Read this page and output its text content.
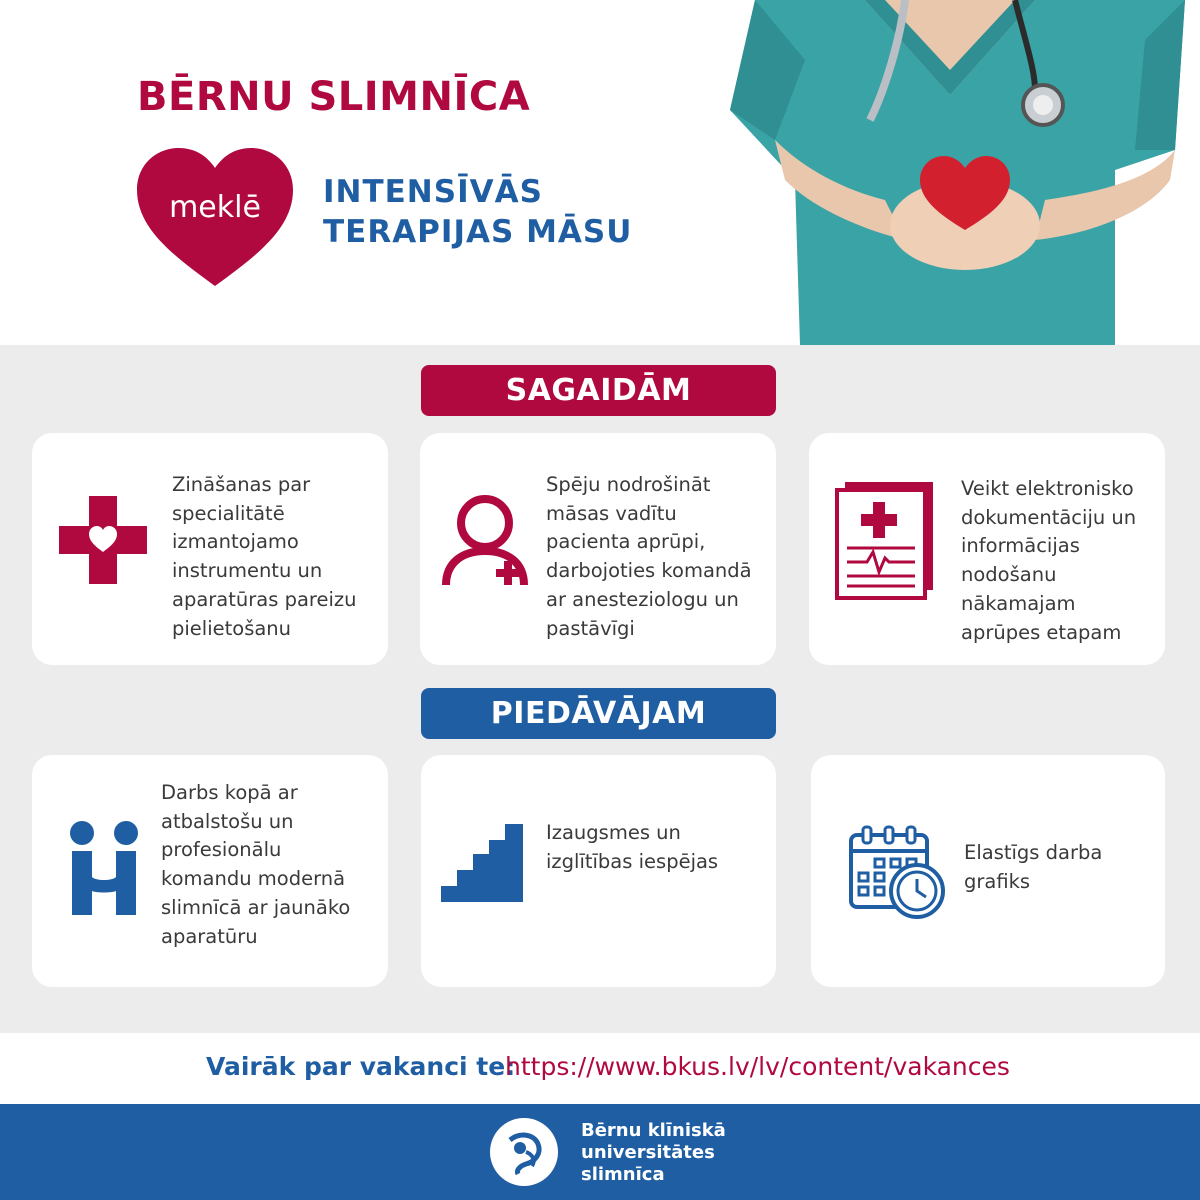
BĒRNU SLIMNĪCA
meklē	INTENSĪVĀS
TERAPIJAS MĀSU
SAGAIDĀM
Zināšanas par specialitātē izmantojamo instrumentu un aparatūras pareizu pielietošanu
Spēju nodrošināt māsas vadītu pacienta aprūpi, darbojoties komandā ar anesteziologu un pastāvīgi
Veikt elektronisko dokumentāciju un informācijas nodošanu nākamajam aprūpes etapam
PIEDĀVĀJAM
Darbs kopā ar atbalstošu un profesionālu komandu modernā slimnīcā ar jaunāko aparatūru
Izaugsmes un izglītības iespējas	Elastīgs darba grafiks
Vairāk par vakanci te:
https://www.bkus.lv/lv/content/vakances
Bērnu klīniskā
universitātes
slimnīca
